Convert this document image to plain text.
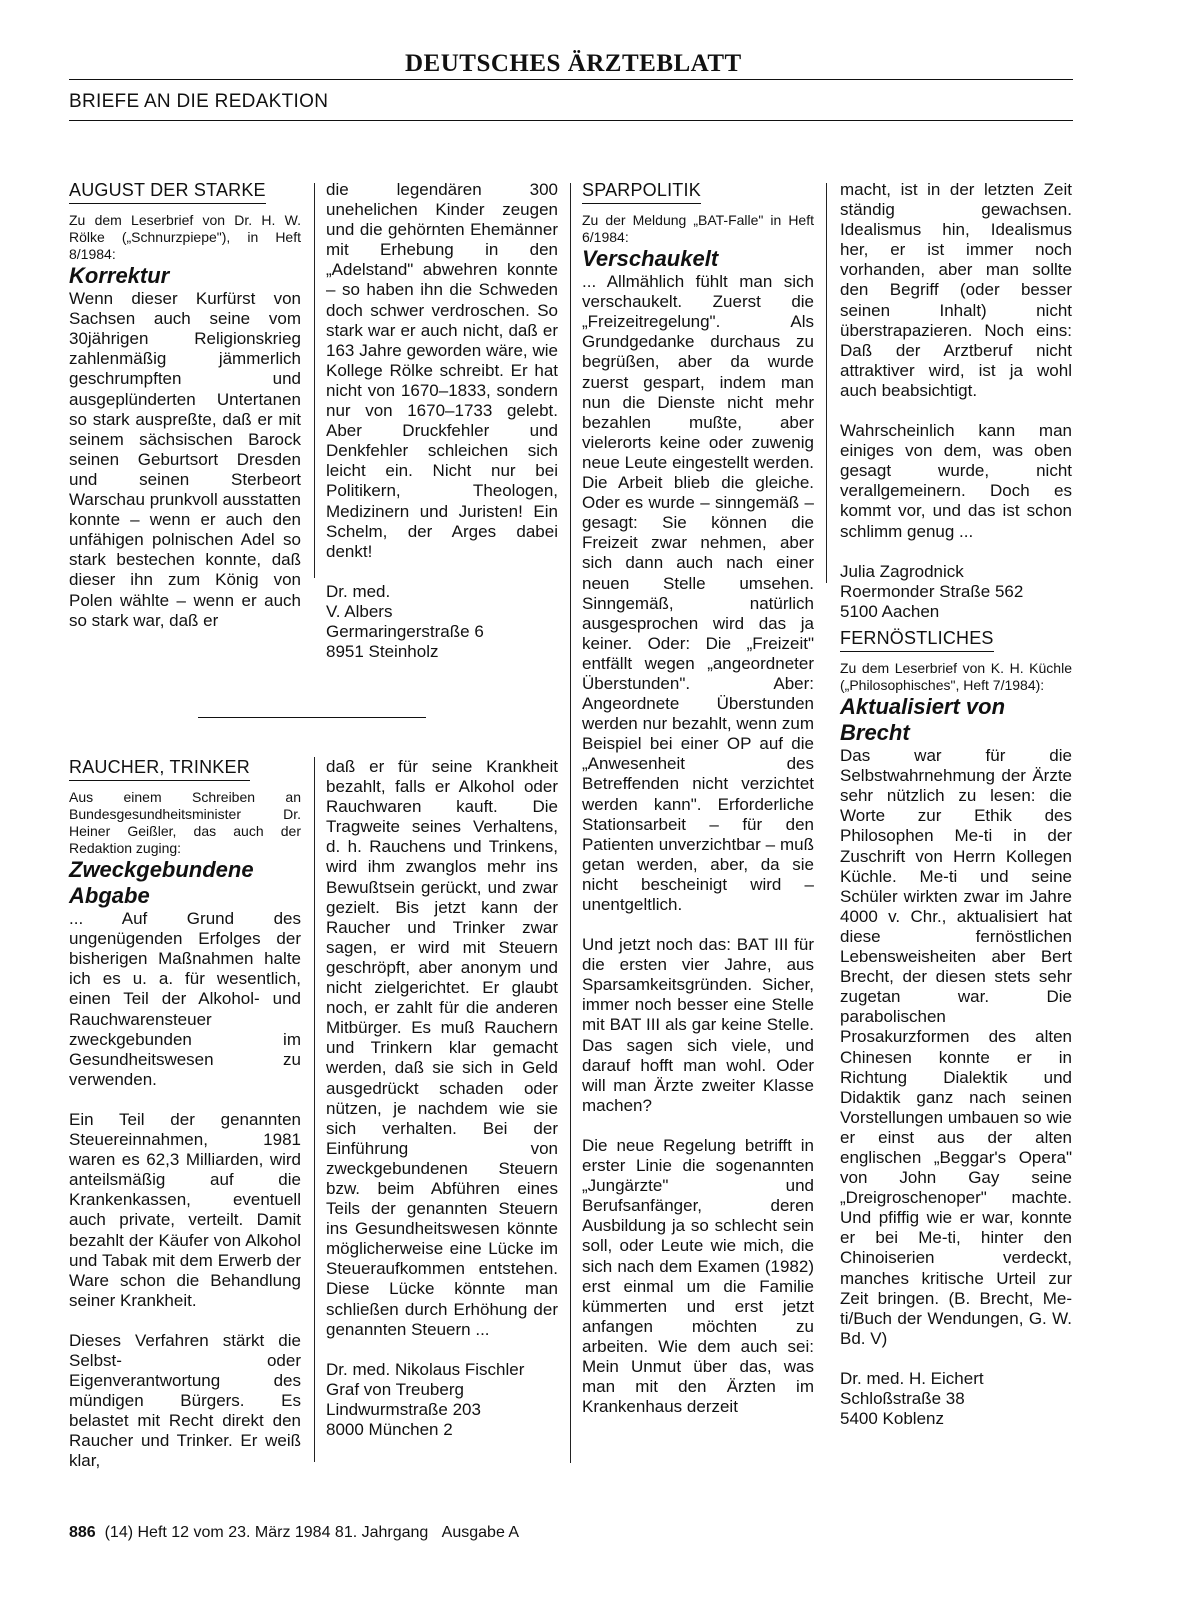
DEUTSCHES ÄRZTEBLATT
BRIEFE AN DIE REDAKTION
AUGUST DER STARKE

Zu dem Leserbrief von Dr. H. W. Rölke („Schnurzpiepe"), in Heft 8/1984:

Korrektur

Wenn dieser Kurfürst von Sachsen auch seine vom 30jährigen Religionskrieg zahlenmäßig jämmerlich geschrumpften und ausgeplünderten Untertanen so stark auspreßte, daß er mit seinem sächsischen Barock seinen Geburtsort Dresden und seinen Sterbeort Warschau prunkvoll ausstatten konnte – wenn er auch den unfähigen polnischen Adel so stark bestechen konnte, daß dieser ihn zum König von Polen wählte – wenn er auch so stark war, daß er

die legendären 300 unehelichen Kinder zeugen und die gehörnten Ehemänner mit Erhebung in den „Adelstand" abwehren konnte – so haben ihn die Schweden doch schwer verdroschen. So stark war er auch nicht, daß er 163 Jahre geworden wäre, wie Kollege Rölke schreibt. Er hat nicht von 1670–1833, sondern nur von 1670–1733 gelebt. Aber Druckfehler und Denkfehler schleichen sich leicht ein. Nicht nur bei Politikern, Theologen, Medizinern und Juristen! Ein Schelm, der Arges dabei denkt!

Dr. med.
V. Albers
Germaringerstraße 6
8951 Steinholz
RAUCHER, TRINKER

Aus einem Schreiben an Bundesgesundheitsminister Dr. Heiner Geißler, das auch der Redaktion zuging:

Zweckgebundene Abgabe

... Auf Grund des ungenügenden Erfolges der bisherigen Maßnahmen halte ich es u. a. für wesentlich, einen Teil der Alkohol- und Rauchwarensteuer zweckgebunden im Gesundheitswesen zu verwenden.

Ein Teil der genannten Steuereinnahmen, 1981 waren es 62,3 Milliarden, wird anteilsmäßig auf die Krankenkassen, eventuell auch private, verteilt. Damit bezahlt der Käufer von Alkohol und Tabak mit dem Erwerb der Ware schon die Behandlung seiner Krankheit.

Dieses Verfahren stärkt die Selbst- oder Eigenverantwortung des mündigen Bürgers. Es belastet mit Recht direkt den Raucher und Trinker. Er weiß klar,

daß er für seine Krankheit bezahlt, falls er Alkohol oder Rauchwaren kauft. Die Tragweite seines Verhaltens, d. h. Rauchens und Trinkens, wird ihm zwanglos mehr ins Bewußtsein gerückt, und zwar gezielt. Bis jetzt kann der Raucher und Trinker zwar sagen, er wird mit Steuern geschröpft, aber anonym und nicht zielgerichtet. Er glaubt noch, er zahlt für die anderen Mitbürger. Es muß Rauchern und Trinkern klar gemacht werden, daß sie sich in Geld ausgedrückt schaden oder nützen, je nachdem wie sie sich verhalten. Bei der Einführung von zweckgebundenen Steuern bzw. beim Abführen eines Teils der genannten Steuern ins Gesundheitswesen könnte möglicherweise eine Lücke im Steueraufkommen entstehen. Diese Lücke könnte man schließen durch Erhöhung der genannten Steuern ...

Dr. med. Nikolaus Fischler
Graf von Treuberg
Lindwurmstraße 203
8000 München 2
SPARPOLITIK

Zu der Meldung „BAT-Falle" in Heft 6/1984:

Verschaukelt

... Allmählich fühlt man sich verschaukelt. Zuerst die „Freizeitregelung". Als Grundgedanke durchaus zu begrüßen, aber da wurde zuerst gespart, indem man nun die Dienste nicht mehr bezahlen mußte, aber vielerorts keine oder zuwenig neue Leute eingestellt werden. Die Arbeit blieb die gleiche. Oder es wurde – sinngemäß – gesagt: Sie können die Freizeit zwar nehmen, aber sich dann auch nach einer neuen Stelle umsehen. Sinngemäß, natürlich ausgesprochen wird das ja keiner. Oder: Die „Freizeit" entfällt wegen „angeordneter Überstunden". Aber: Angeordnete Überstunden werden nur bezahlt, wenn zum Beispiel bei einer OP auf die „Anwesenheit des Betreffenden nicht verzichtet werden kann". Erforderliche Stationsarbeit – für den Patienten unverzichtbar – muß getan werden, aber, da sie nicht bescheinigt wird – unentgeltlich.

Und jetzt noch das: BAT III für die ersten vier Jahre, aus Sparsamkeitsgründen. Sicher, immer noch besser eine Stelle mit BAT III als gar keine Stelle. Das sagen sich viele, und darauf hofft man wohl. Oder will man Ärzte zweiter Klasse machen?

Die neue Regelung betrifft in erster Linie die sogenannten „Jungärzte" und Berufsanfänger, deren Ausbildung ja so schlecht sein soll, oder Leute wie mich, die sich nach dem Examen (1982) erst einmal um die Familie kümmerten und erst jetzt anfangen möchten zu arbeiten. Wie dem auch sei: Mein Unmut über das, was man mit den Ärzten im Krankenhaus derzeit

macht, ist in der letzten Zeit ständig gewachsen. Idealismus hin, Idealismus her, er ist immer noch vorhanden, aber man sollte den Begriff (oder besser seinen Inhalt) nicht überstrapazieren. Noch eins: Daß der Arztberuf nicht attraktiver wird, ist ja wohl auch beabsichtigt.

Wahrscheinlich kann man einiges von dem, was oben gesagt wurde, nicht verallgemeinern. Doch es kommt vor, und das ist schon schlimm genug ...

Julia Zagrodnick
Roermonder Straße 562
5100 Aachen
FERNÖSTLICHES

Zu dem Leserbrief von K. H. Küchle („Philosophisches", Heft 7/1984):

Aktualisiert von Brecht

Das war für die Selbstwahrnehmung der Ärzte sehr nützlich zu lesen: die Worte zur Ethik des Philosophen Me-ti in der Zuschrift von Herrn Kollegen Küchle. Me-ti und seine Schüler wirkten zwar im Jahre 4000 v. Chr., aktualisiert hat diese fernöstlichen Lebensweisheiten aber Bert Brecht, der diesen stets sehr zugetan war. Die parabolischen Prosakurzformen des alten Chinesen konnte er in Richtung Dialektik und Didaktik ganz nach seinen Vorstellungen umbauen so wie er einst aus der alten englischen „Beggar's Opera" von John Gay seine „Dreigroschenoper" machte. Und pfiffig wie er war, konnte er bei Me-ti, hinter den Chinoiserien verdeckt, manches kritische Urteil zur Zeit bringen. (B. Brecht, Me-ti/Buch der Wendungen, G. W. Bd. V)

Dr. med. H. Eichert
Schloßstraße 38
5400 Koblenz
886 (14) Heft 12 vom 23. März 1984 81. Jahrgang Ausgabe A
